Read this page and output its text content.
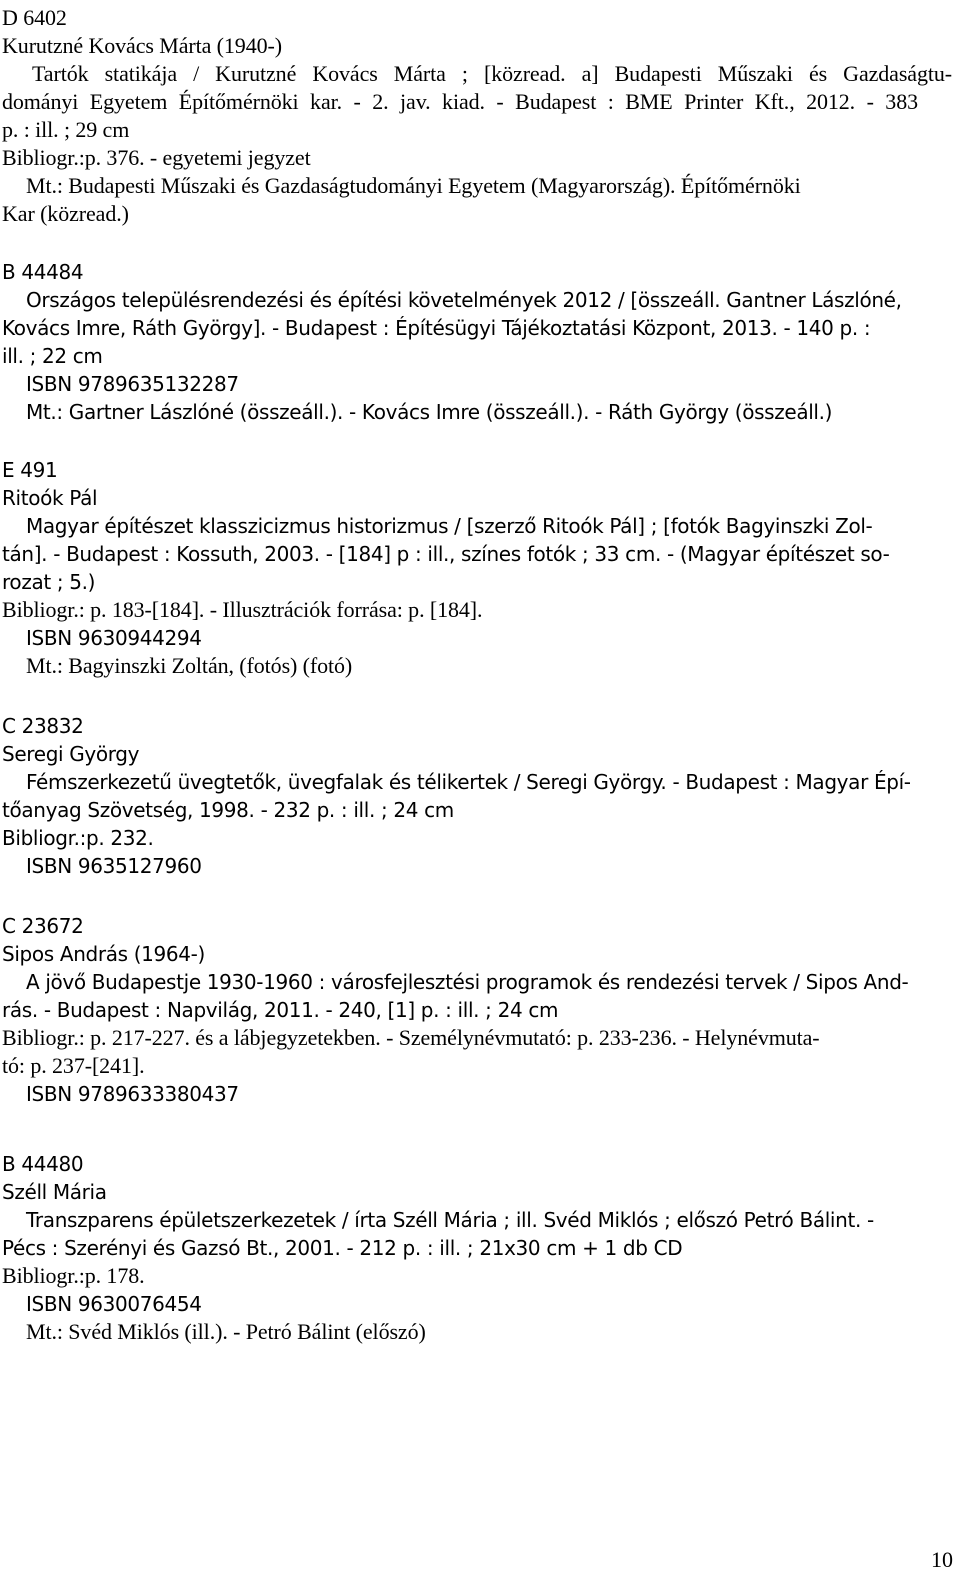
D 6402
Kurutzné Kovács Márta (1940-)
Tartók statikája / Kurutzné Kovács Márta ; [közread. a] Budapesti Műszaki és Gazdaságtu-
dományi Egyetem Építőmérnöki kar. - 2. jav. kiad. - Budapest : BME Printer Kft., 2012. - 383
p. : ill. ; 29 cm
Bibliogr.:p. 376. - egyetemi jegyzet
Mt.: Budapesti Műszaki és Gazdaságtudományi Egyetem (Magyarország). Építőmérnöki
Kar (közread.)
B 44484
Országos településrendezési és építési követelmények 2012 / [összeáll. Gantner Lászlóné,
Kovács Imre, Ráth György]. - Budapest : Építésügyi Tájékoztatási Központ, 2013. - 140 p. :
ill. ; 22 cm
ISBN 9789635132287
Mt.: Gartner Lászlóné (összeáll.). - Kovács Imre (összeáll.). - Ráth György (összeáll.)
E 491
Ritoók Pál
Magyar építészet klasszicizmus historizmus / [szerző Ritoók Pál] ; [fotók Bagyinszki Zol-
tán]. - Budapest : Kossuth, 2003. - [184] p : ill., színes fotók ; 33 cm. - (Magyar építészet so-
rozat ; 5.)
Bibliogr.: p. 183-[184]. - Illusztrációk forrása: p. [184].
ISBN 9630944294
Mt.: Bagyinszki Zoltán, (fotós) (fotó)
C 23832
Seregi György
Fémszerkezetű üvegtetők, üvegfalak és télikertek / Seregi György. - Budapest : Magyar Épí-
tőanyag Szövetség, 1998. - 232 p. : ill. ; 24 cm
Bibliogr.:p. 232.
ISBN 9635127960
C 23672
Sipos András (1964-)
A jövő Budapestje 1930-1960 : városfejlesztési programok és rendezési tervek / Sipos And-
rás. - Budapest : Napvilág, 2011. - 240, [1] p. : ill. ; 24 cm
Bibliogr.: p. 217-227. és a lábjegyzetekben. - Személynévmutató: p. 233-236. - Helynévmuta-
tó: p. 237-[241].
ISBN 9789633380437
B 44480
Széll Mária
Transzparens épületszerkezetek / írta Széll Mária ; ill. Svéd Miklós ; előszó Petró Bálint. -
Pécs : Szerényi és Gazsó Bt., 2001. - 212 p. : ill. ; 21x30 cm + 1 db CD
Bibliogr.:p. 178.
ISBN 9630076454
Mt.: Svéd Miklós (ill.). - Petró Bálint (előszó)
10
